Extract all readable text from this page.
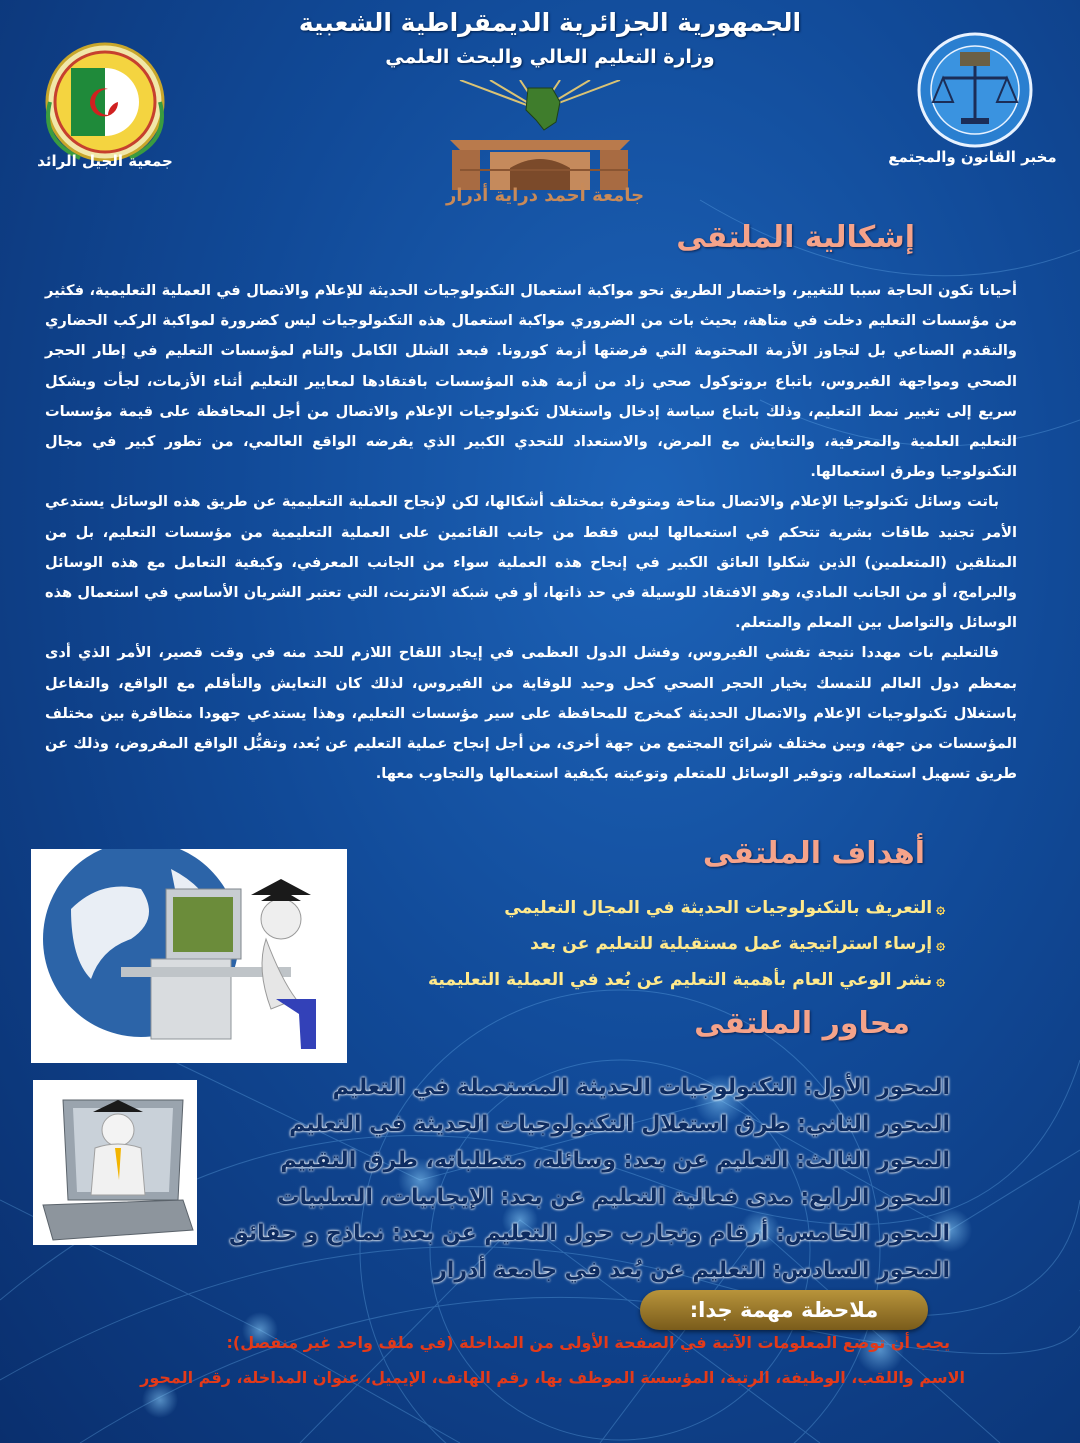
الجمهورية الجزائرية الديمقراطية الشعبية
وزارة التعليم العالي والبحث العلمي
جمعية الجيل الرائد	مخبر القانون والمجتمع
جامعة أحمد دراية أدرار
إشكالية الملتقى

أحيانا تكون الحاجة سببا للتغيير، واختصار الطريق نحو مواكبة استعمال التكنولوجيات الحديثة للإعلام والاتصال في العملية التعليمية، فكثير من مؤسسات التعليم دخلت في متاهة، بحيث بات من الضروري مواكبة استعمال هذه التكنولوجيات ليس كضرورة لمواكبة الركب الحضاري والتقدم الصناعي بل لتجاوز الأزمة المحتومة التي فرضتها أزمة كورونا. فبعد الشلل الكامل والتام لمؤسسات التعليم في إطار الحجر الصحي ومواجهة الفيروس، باتباع بروتوكول صحي زاد من أزمة هذه المؤسسات بافتقادها لمعايير التعليم أثناء الأزمات، لجأت وبشكل سريع إلى تغيير نمط التعليم، وذلك باتباع سياسة إدخال واستغلال تكنولوجيات الإعلام والاتصال من أجل المحافظة على قيمة مؤسسات التعليم العلمية والمعرفية، والتعايش مع المرض، والاستعداد للتحدي الكبير الذي يفرضه الواقع العالمي، من تطور كبير في مجال التكنولوجيا وطرق استعمالها.

باتت وسائل تكنولوجيا الإعلام والاتصال متاحة ومتوفرة بمختلف أشكالها، لكن لإنجاح العملية التعليمية عن طريق هذه الوسائل يستدعي الأمر تجنيد طاقات بشرية تتحكم في استعمالها ليس فقط من جانب القائمين على العملية التعليمية من مؤسسات التعليم، بل من المتلقين (المتعلمين) الذين شكلوا العائق الكبير في إنجاح هذه العملية سواء من الجانب المعرفي، وكيفية التعامل مع هذه الوسائل والبرامج، أو من الجانب المادي، وهو الافتقاد للوسيلة في حد ذاتها، أو في شبكة الانترنت، التي تعتبر الشريان الأساسي في استعمال هذه الوسائل والتواصل بين المعلم والمتعلم.

فالتعليم بات مهددا نتيجة تفشي الفيروس، وفشل الدول العظمى في إيجاد اللقاح اللازم للحد منه في وقت قصير، الأمر الذي أدى بمعظم دول العالم للتمسك بخيار الحجر الصحي كحل وحيد للوقاية من الفيروس، لذلك كان التعايش والتأقلم مع الواقع، والتفاعل باستغلال تكنولوجيات الإعلام والاتصال الحديثة كمخرج للمحافظة على سير مؤسسات التعليم، وهذا يستدعي جهودا متظافرة بين مختلف المؤسسات من جهة، وبين مختلف شرائح المجتمع من جهة أخرى، من أجل إنجاح عملية التعليم عن بُعد، وتقبُّل الواقع المفروض، وذلك عن طريق تسهيل استعماله، وتوفير الوسائل للمتعلم وتوعيته بكيفية استعمالها والتجاوب معها.

أهداف الملتقى
۞التعريف بالتكنولوجيات الحديثة في المجال التعليمي
۞إرساء استراتيجية عمل مستقبلية للتعليم عن بعد
۞نشر الوعي العام بأهمية التعليم عن بُعد في العملية التعليمية
محاور الملتقى
المحور الأول: التكنولوجيات الحديثة المستعملة في التعليم
المحور الثاني: طرق استغلال التكنولوجيات الحديثة في التعليم
المحور الثالث: التعليم عن بعد: وسائله، متطلباته، طرق التقييم
المحور الرابع: مدى فعالية التعليم عن بعد: الإيجابيات، السلبيات
المحور الخامس: أرقام وتجارب حول التعليم عن بعد: نماذج و حقائق
المحور السادس: التعليم عن بُعد في جامعة أدرار
ملاحظة مهمة جدا:
يجب أن توضع المعلومات الآتية في الصفحة الأولى من المداخلة (في ملف واحد غير منفصل):
الاسم واللقب، الوظيفة، الرتبة، المؤسسة الموظف بها، رقم الهاتف، الإيميل، عنوان المداخلة، رقم المحور
